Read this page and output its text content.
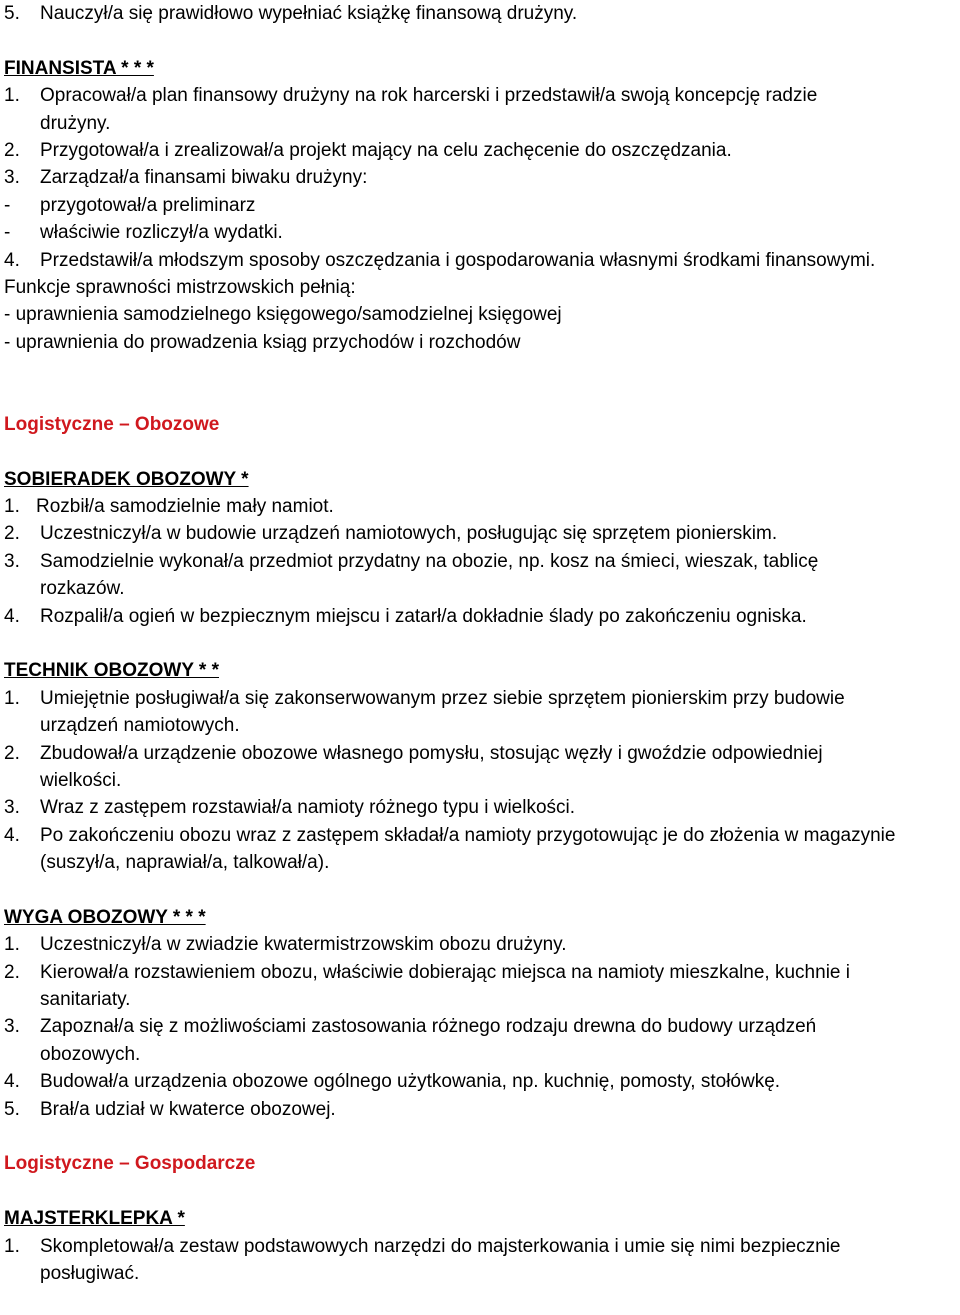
5.	Nauczył/a się prawidłowo wypełniać książkę finansową drużyny.
FINANSISTA * * *
1.	Opracował/a plan finansowy drużyny na rok harcerski i przedstawił/a swoją koncepcję radzie
drużyny.
2.	Przygotował/a i zrealizował/a projekt mający na celu zachęcenie do oszczędzania.
3.	Zarządzał/a finansami biwaku drużyny:
-	przygotował/a preliminarz
-	właściwie rozliczył/a wydatki.
4.	Przedstawił/a młodszym sposoby oszczędzania i gospodarowania własnymi środkami finansowymi.
Funkcje sprawności mistrzowskich pełnią:
- uprawnienia samodzielnego księgowego/samodzielnej księgowej
- uprawnienia do prowadzenia ksiąg przychodów i rozchodów
Logistyczne – Obozowe
SOBIERADEK OBOZOWY *
1. Rozbił/a samodzielnie mały namiot.
2.	Uczestniczył/a w budowie urządzeń namiotowych, posługując się sprzętem pionierskim.
3.	Samodzielnie wykonał/a przedmiot przydatny na obozie, np. kosz na śmieci, wieszak, tablicę
rozkazów.
4.	Rozpalił/a ogień w bezpiecznym miejscu i zatarł/a dokładnie ślady po zakończeniu ogniska.
TECHNIK OBOZOWY * *
1.	Umiejętnie posługiwał/a się zakonserwowanym przez siebie sprzętem pionierskim przy budowie
urządzeń namiotowych.
2.	Zbudował/a urządzenie obozowe własnego pomysłu, stosując węzły i gwoździe odpowiedniej
wielkości.
3.	Wraz z zastępem rozstawiał/a namioty różnego typu i wielkości.
4.	Po zakończeniu obozu wraz z zastępem składał/a namioty przygotowując je do złożenia w magazynie
(suszył/a, naprawiał/a, talkował/a).
WYGA OBOZOWY * * *
1.	Uczestniczył/a w zwiadzie kwatermistrzowskim obozu drużyny.
2.	Kierował/a rozstawieniem obozu, właściwie dobierając miejsca na namioty mieszkalne, kuchnie i
sanitariaty.
3.	Zapoznał/a się z możliwościami zastosowania różnego rodzaju drewna do budowy urządzeń
obozowych.
4.	Budował/a urządzenia obozowe ogólnego użytkowania, np. kuchnię, pomosty, stołówkę.
5.	Brał/a udział w kwaterce obozowej.
Logistyczne – Gospodarcze
MAJSTERKLEPKA *
1.	Skompletował/a zestaw podstawowych narzędzi do majsterkowania i umie się nimi bezpiecznie
posługiwać.
